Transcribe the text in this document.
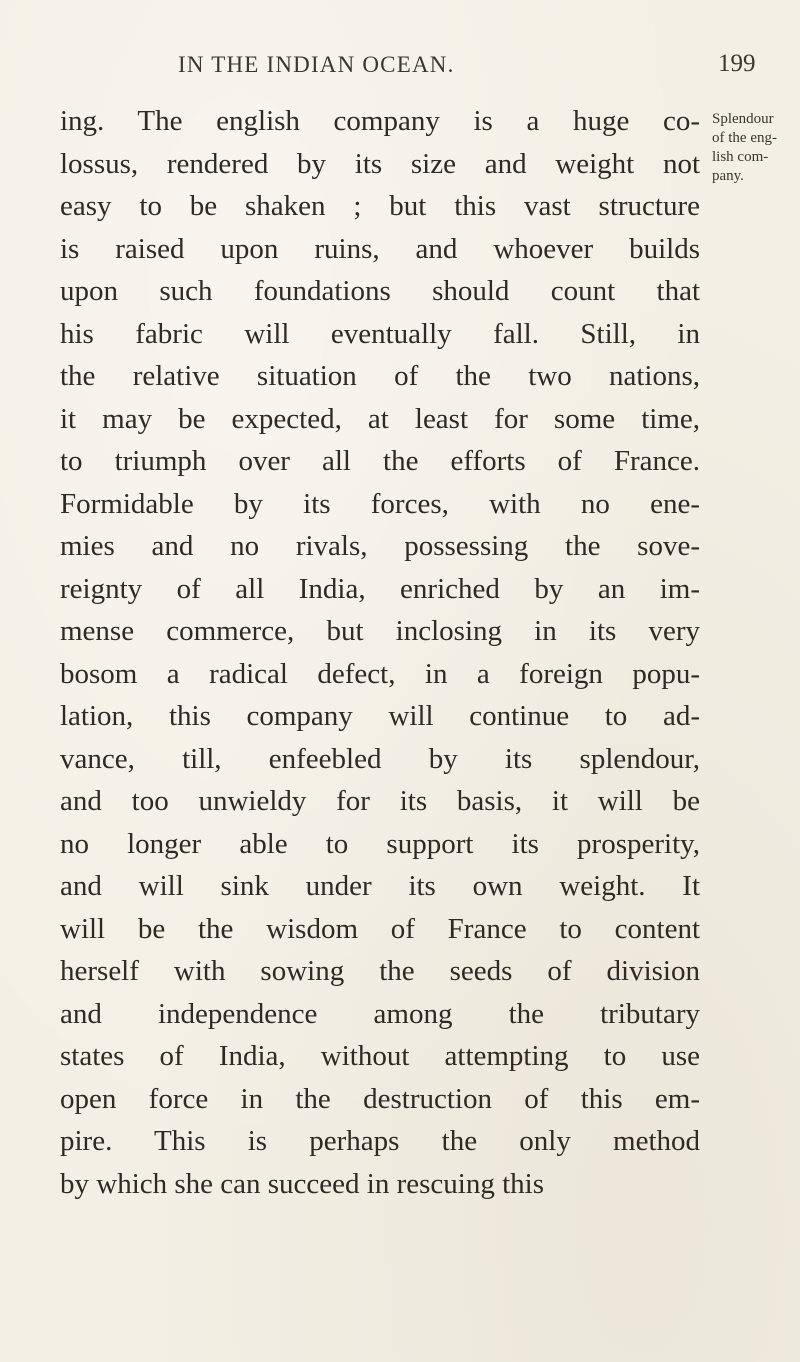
IN THE INDIAN OCEAN.	199
Splendour
of the eng-
lish com-
pany.
ing. The english company is a huge co-
lossus, rendered by its size and weight not
easy to be shaken ; but this vast structure
is raised upon ruins, and whoever builds
upon such foundations should count that
his fabric will eventually fall. Still, in
the relative situation of the two nations,
it may be expected, at least for some time,
to triumph over all the efforts of France.
Formidable by its forces, with no ene-
mies and no rivals, possessing the sove-
reignty of all India, enriched by an im-
mense commerce, but inclosing in its very
bosom a radical defect, in a foreign popu-
lation, this company will continue to ad-
vance, till, enfeebled by its splendour,
and too unwieldy for its basis, it will be
no longer able to support its prosperity,
and will sink under its own weight. It
will be the wisdom of France to content
herself with sowing the seeds of division
and independence among the tributary
states of India, without attempting to use
open force in the destruction of this em-
pire. This is perhaps the only method
by which she can succeed in rescuing this
